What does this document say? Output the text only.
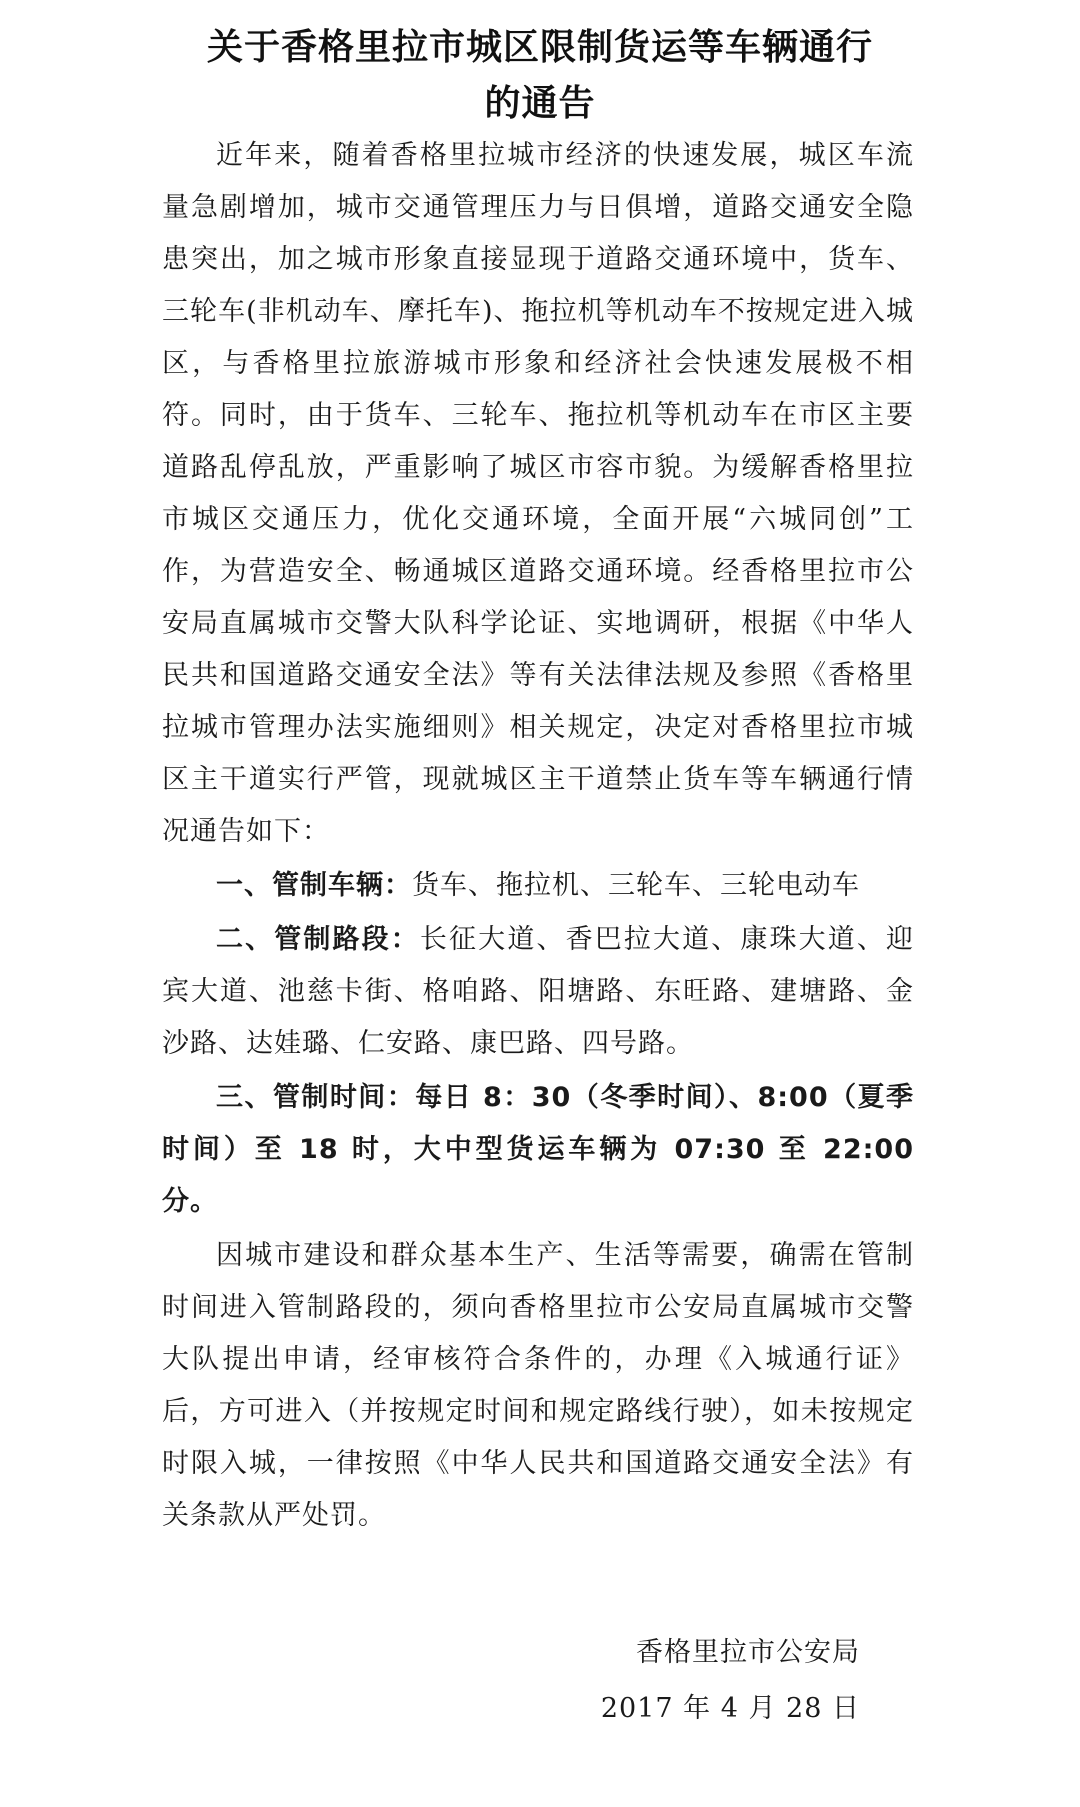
关于香格里拉市城区限制货运等车辆通行
的通告

近年来，随着香格里拉城市经济的快速发展，城区车流量急剧增加，城市交通管理压力与日俱增，道路交通安全隐患突出，加之城市形象直接显现于道路交通环境中，货车、三轮车(非机动车、摩托车)、拖拉机等机动车不按规定进入城区，与香格里拉旅游城市形象和经济社会快速发展极不相符。同时，由于货车、三轮车、拖拉机等机动车在市区主要道路乱停乱放，严重影响了城区市容市貌。为缓解香格里拉市城区交通压力，优化交通环境，全面开展“六城同创”工作，为营造安全、畅通城区道路交通环境。经香格里拉市公安局直属城市交警大队科学论证、实地调研，根据《中华人民共和国道路交通安全法》等有关法律法规及参照《香格里拉城市管理办法实施细则》相关规定，决定对香格里拉市城区主干道实行严管，现就城区主干道禁止货车等车辆通行情况通告如下：

一、管制车辆：货车、拖拉机、三轮车、三轮电动车

二、管制路段：长征大道、香巴拉大道、康珠大道、迎宾大道、池慈卡街、格咱路、阳塘路、东旺路、建塘路、金沙路、达娃璐、仁安路、康巴路、四号路。

三、管制时间：每日 8：30（冬季时间）、8:00（夏季时间）至 18 时，大中型货运车辆为 07:30 至 22:00 分。

因城市建设和群众基本生产、生活等需要，确需在管制时间进入管制路段的，须向香格里拉市公安局直属城市交警大队提出申请，经审核符合条件的，办理《入城通行证》后，方可进入（并按规定时间和规定路线行驶），如未按规定时限入城，一律按照《中华人民共和国道路交通安全法》有关条款从严处罚。

香格里拉市公安局
2017 年 4 月 28 日
